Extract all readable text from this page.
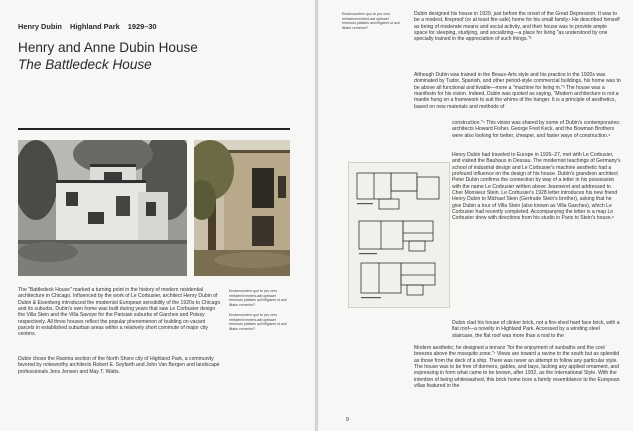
Henry Dubin Highland Park 1929–30
Henry and Anne Dubin House
The Battledeck House
Enutecsuntem quo te pro vero reritatem/ventre/Laat optisaef ennesdu platistio acit ifligaem ut acti illiatur remertur?
Enutecsuntem quo te pro vero reritatem/ventre/Laat optisaef ennesdu platistio acit ifligaem ut acti illiatur remertur?
The "Battledeck House" marked a turning point in the history of modern residential architecture in Chicago. Influenced by the work of Le Corbusier, architect Henry Dubin of Dubin & Eisenberg introduced the modernist European sensibility of the 1920s to Chicago and its suburbs. Dubin's own home was built during years that saw Le Corbusier design the Villa Stein and the Villa Savoye for the Parisian suburbs of Garches and Poissy respectively. All three houses reflect the popular phenomenon of building on vacant parcels in established suburban areas within a relatively short commute of major city centers.
Dubin chose the Ravinia section of the North Shore city of Highland Park, a community favored by noteworthy architects Robert E. Seyfarth and John Van Bergen and landscape professionals Jens Jensen and May T. Watts.
Enutecsuntem quo te pro vero reritatem/ventre/Laat optisaef ennesdu platistio acit ifligaem ut acti illiatur remertur?
Dubin designed his house in 1929, just before the onset of the Great Depression. It was to be a modest, fireproof (or at least fire-safe) home for his small family.¹ He described himself as being of moderate means and social activity, and their house was to provide ample space for sleeping, studying, and socializing—a place for living "as understood by one specially trained in the appreciation of such things."³
Although Dubin was trained in the Beaux-Arts style and his practice in the 1920s was dominated by Tudor, Spanish, and other period-style commercial buildings, his home was to be above all functional and livable—more a "machine for living in."³ The house was a manifesto for his vision. Indeed, Dubin was quoted as saying, "Modern architecture is not a mantle hung on a framework to suit the whims of the hanger. It is a principle of aesthetics, based on new materials and methods of
construction."⁴ This vision was shared by some of Dubin's contemporaries: architects Howard Fisher, George Fred Keck, and the Bowman Brothers were also looking for better, cheaper, and faster ways of construction.⁵
Henry Dubin had traveled to Europe in 1926–27, met with Le Corbusier, and visited the Bauhaus in Dessau. The modernist teachings of Germany's school of industrial design and Le Corbusier's machine aesthetic had a profound influence on the design of his house. Dubin's grandson architect Peter Dubin confirms the connection by way of a letter in his possession with the name Le Corbusier written above Jeanneret and addressed to Cher Monsieur Stein. Le Corbusier's 1928 letter introduces his new friend Henry Dubin to Michael Stein (Gertrude Stein's brother), asking that he give Dubin a tour of Villa Stein (also known as Villa Garches), which Le Corbusier had recently completed. Accompanying the letter is a map Le Corbusier drew with directions from his studio in Paris to Stein's house.⁶
Dubin clad his house of clinker brick, not a fire-shed hard face brick, with a flat roof—a novelty in Highland Park. Accessed by a winding steel staircase, the flat roof was more than a nod to the
Modern aesthetic; he designed a terrace "for the enjoyment of sunbaths and the cool breezes above the mosquito zone."⁷ Views are toward a ravine to the south but as splendid as those from the deck of a ship. There was never an attempt to follow any particular style. The house was to be free of dormers, gables, and bays, lacking any applied ornament, and expressing in form what came to be known, after 1932, as the International Style. With the intention of being whitewashed, this brick home bore a family resemblance to the European villas featured in the
9
